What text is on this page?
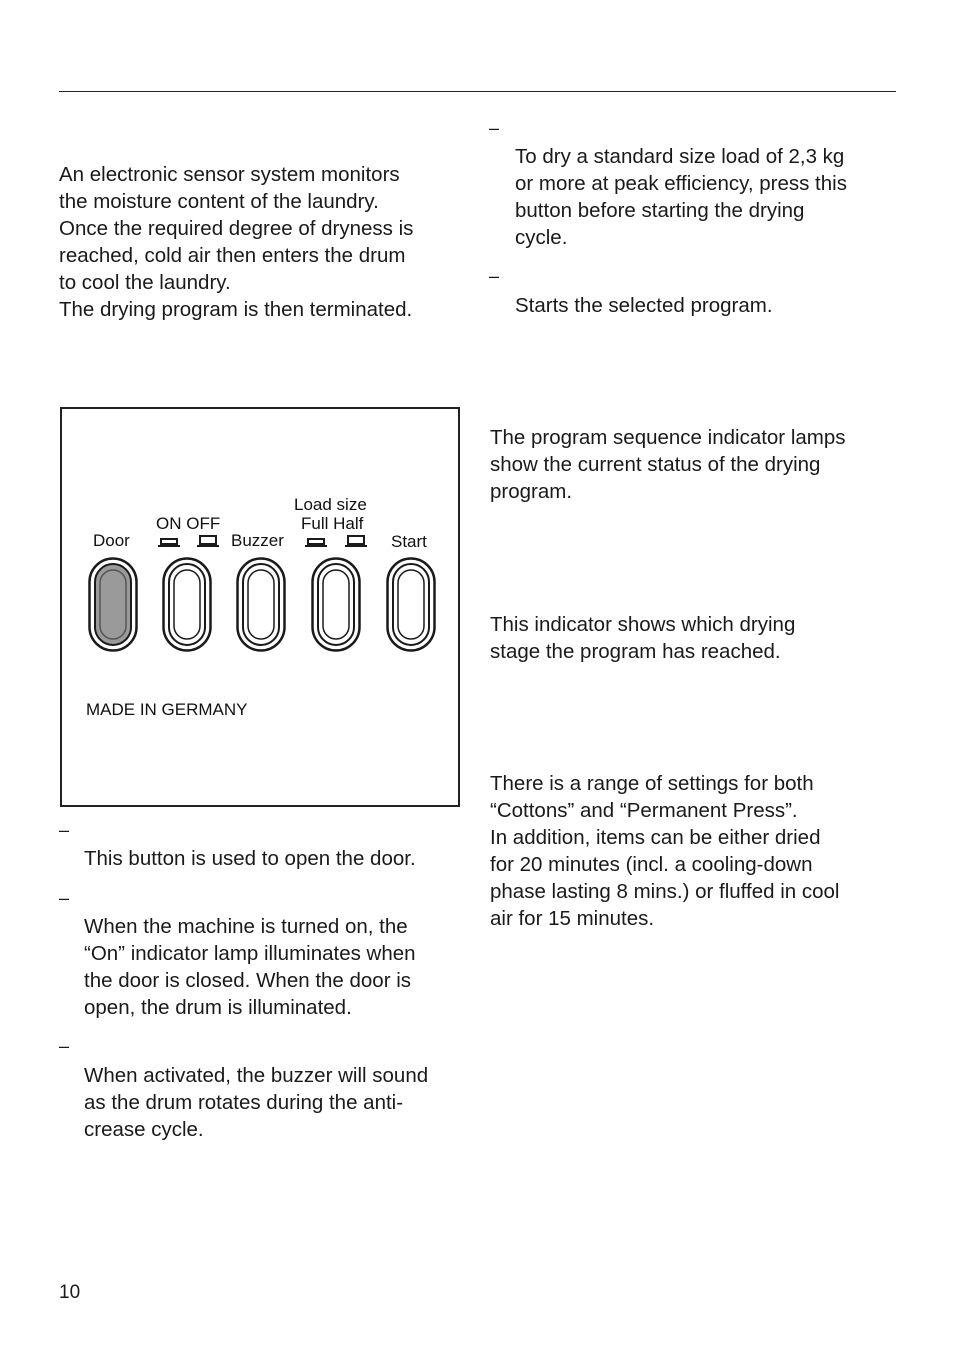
An electronic sensor system monitors
the moisture content of the laundry.
Once the required degree of dryness is
reached, cold air then enters the drum
to cool the laundry.
The drying program is then terminated.

Door
ON OFF
Buzzer
Load size
Full Half
Start
MADE IN GERMANY
–

This button is used to open the door.

–

When the machine is turned on, the
“On” indicator lamp illuminates when
the door is closed. When the door is
open, the drum is illuminated.

–

When activated, the buzzer will sound
as the drum rotates during the anti-
crease cycle.

–

To dry a standard size load of 2,3 kg
or more at peak efficiency, press this
button before starting the drying
cycle.

–

Starts the selected program.

The program sequence indicator lamps
show the current status of the drying
program.

This indicator shows which drying
stage the program has reached.

There is a range of settings for both
“Cottons” and “Permanent Press”.
In addition, items can be either dried
for 20 minutes (incl. a cooling-down
phase lasting 8 mins.) or fluffed in cool
air for 15 minutes.

10
